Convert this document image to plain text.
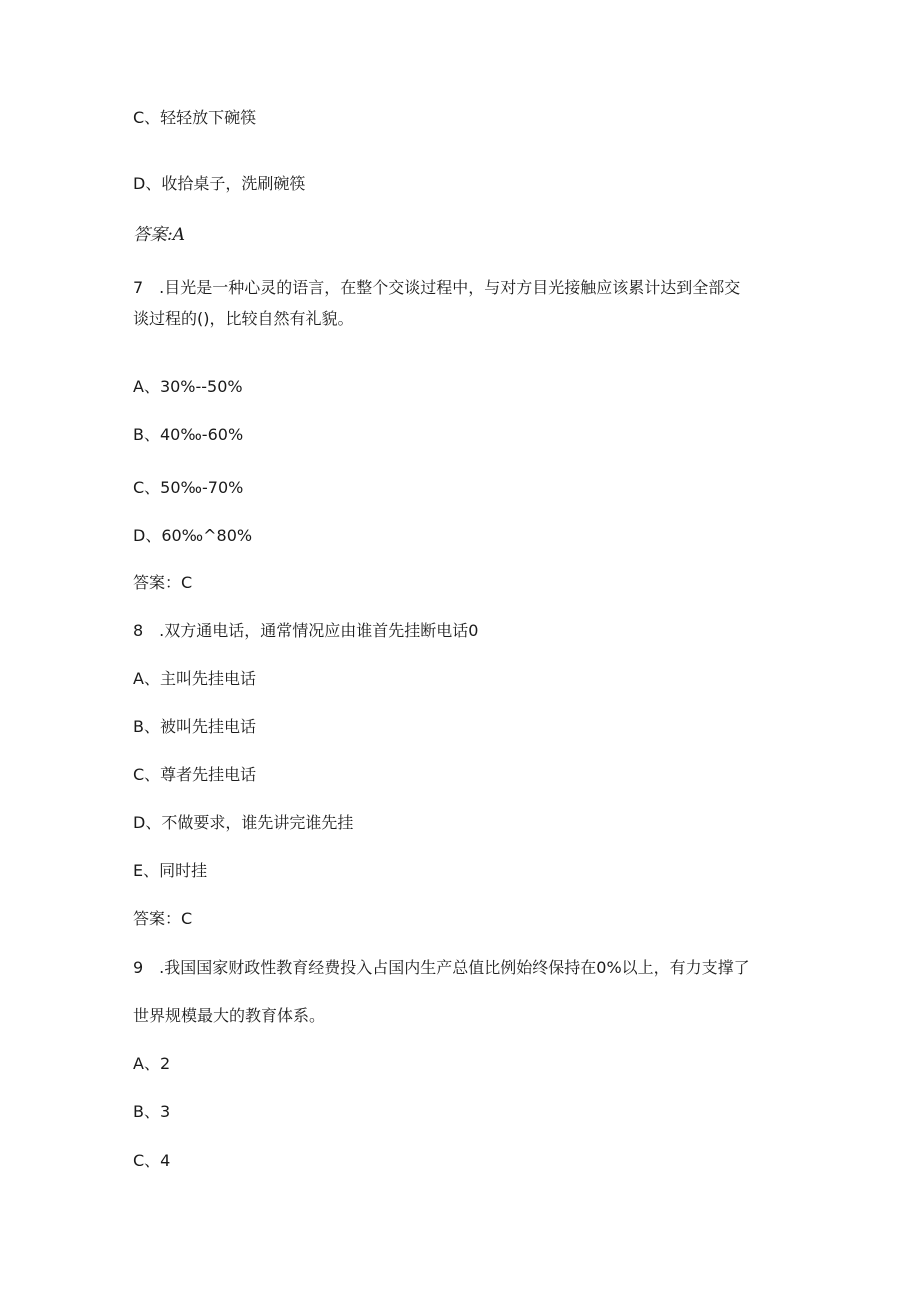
C、轻轻放下碗筷
D、收拾桌子，洗刷碗筷
答案:A
7　.目光是一种心灵的语言，在整个交谈过程中，与对方目光接触应该累计达到全部交
谈过程的()，比较自然有礼貌。
A、30%--50%
B、40‰-60%
C、50‰-70%
D、60‰^80%
答案：C
8　.双方通电话，通常情况应由谁首先挂断电话0
A、主叫先挂电话
B、被叫先挂电话
C、尊者先挂电话
D、不做要求，谁先讲完谁先挂
E、同时挂
答案：C
9　.我国国家财政性教育经费投入占国内生产总值比例始终保持在0%以上，有力支撑了
世界规模最大的教育体系。
A、2
B、3
C、4
